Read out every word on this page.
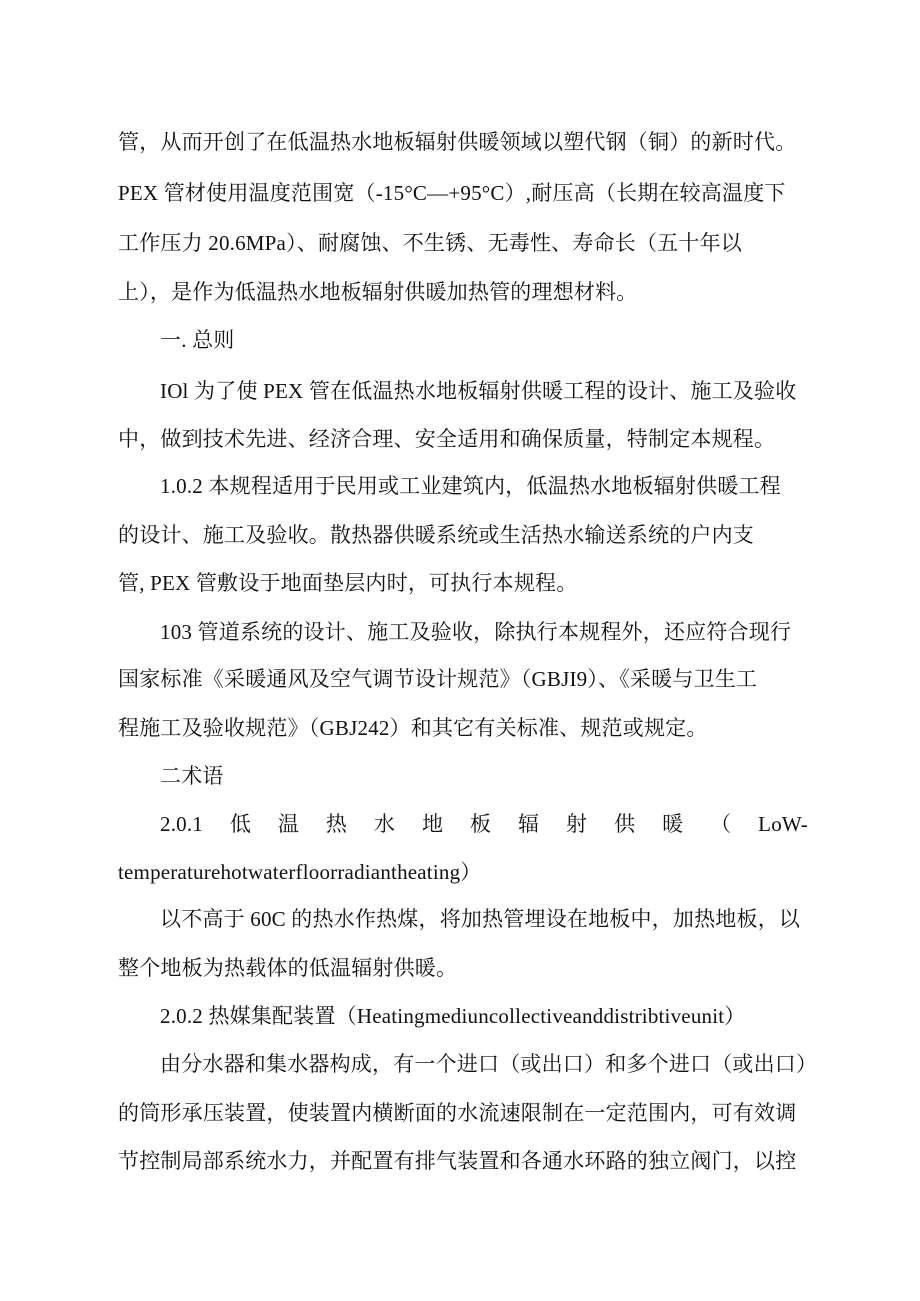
管，从而开创了在低温热水地板辐射供暖领域以塑代钢（铜）的新时代。
PEX 管材使用温度范围宽（-15°C—+95°C）,耐压高（长期在较高温度下
工作压力 20.6MPa）、耐腐蚀、不生锈、无毒性、寿命长（五十年以
上），是作为低温热水地板辐射供暖加热管的理想材料。
一. 总则
IOl 为了使 PEX 管在低温热水地板辐射供暖工程的设计、施工及验收
中，做到技术先进、经济合理、安全适用和确保质量，特制定本规程。
1.0.2 本规程适用于民用或工业建筑内，低温热水地板辐射供暖工程
的设计、施工及验收。散热器供暖系统或生活热水输送系统的户内支
管, PEX 管敷设于地面垫层内时，可执行本规程。
103 管道系统的设计、施工及验收，除执行本规程外，还应符合现行
国家标准《采暖通风及空气调节设计规范》（GBJI9）、《采暖与卫生工
程施工及验收规范》（GBJ242）和其它有关标准、规范或规定。
二术语
2.0.1 低 温 热 水 地 板 辐 射 供 暖 （ LoW-
temperaturehotwaterfloorradiantheating）
以不高于 60C 的热水作热煤，将加热管埋设在地板中，加热地板，以
整个地板为热载体的低温辐射供暖。
2.0.2 热媒集配装置（Heatingmediuncollectiveanddistribtiveunit）
由分水器和集水器构成，有一个进口（或出口）和多个进口（或出口）
的筒形承压装置，使装置内横断面的水流速限制在一定范围内，可有效调
节控制局部系统水力，并配置有排气装置和各通水环路的独立阀门，以控
